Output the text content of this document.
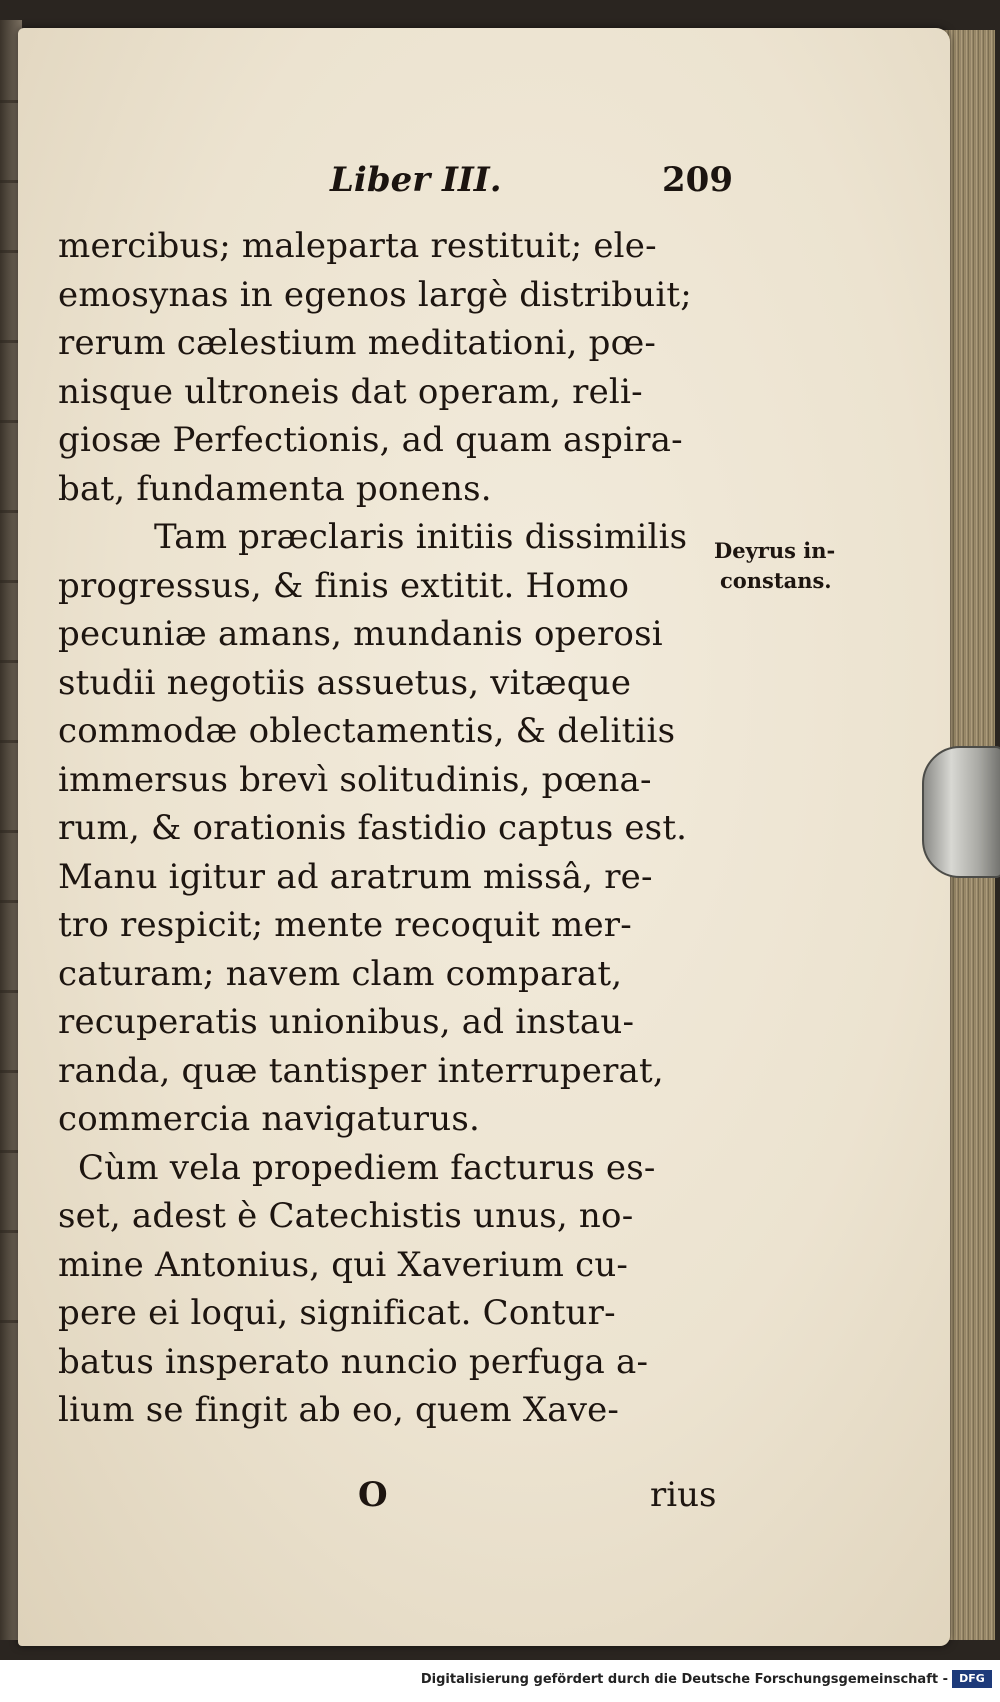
Liber III.	209
mercibus; maleparta restituit; ele-
emosynas in egenos largè distribuit;
rerum cælestium meditationi, pœ-
nisque ultroneis dat operam, reli-
giosæ Perfectionis, ad quam aspira-
bat, fundamenta ponens.
Tam præclaris initiis dissimilis
progressus, & finis extitit. Homo
pecuniæ amans, mundanis operosi
studii negotiis assuetus, vitæque
commodæ oblectamentis, & delitiis
immersus brevì solitudinis, pœna-
rum, & orationis fastidio captus est.
Manu igitur ad aratrum missâ, re-
tro respicit; mente recoquit mer-
caturam; navem clam comparat,
recuperatis unionibus, ad instau-
randa, quæ tantisper interruperat,
commercia navigaturus.
Cùm vela propediem facturus es-
set, adest è Catechistis unus, no-
mine Antonius, qui Xaverium cu-
pere ei loqui, significat. Contur-
batus insperato nuncio perfuga a-
lium se fingit ab eo, quem Xave-
Deyrus in-
constans.
O	rius
Digitalisierung gefördert durch die Deutsche Forschungsgemeinschaft -	DFG
